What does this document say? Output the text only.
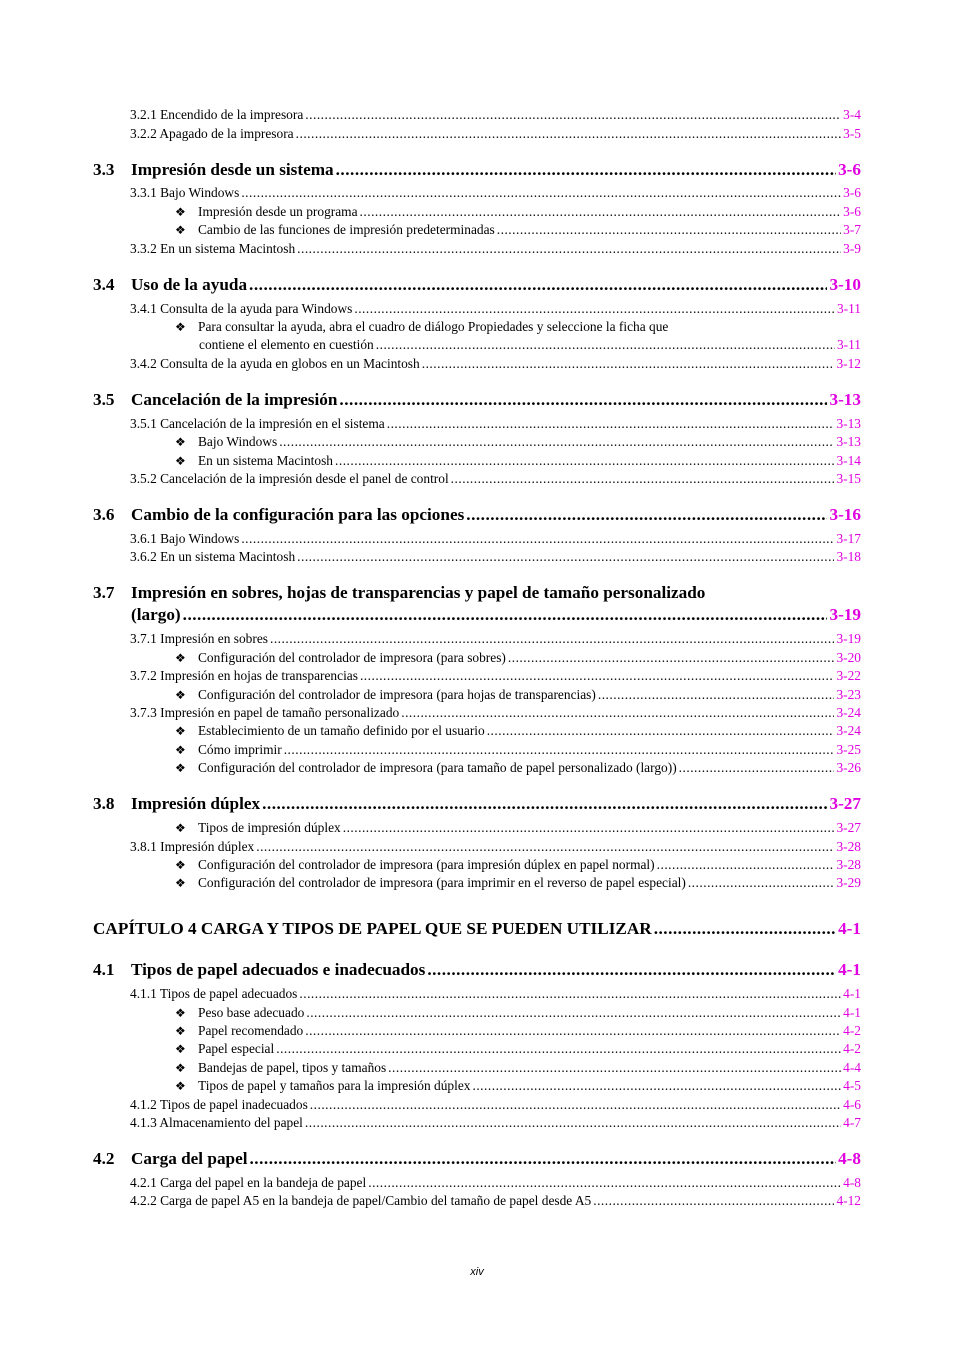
3.2.1 Encendido de la impresora .....	3-4
3.2.2 Apagado de la impresora .....	3-5
3.3 Impresión desde un sistema .....	3-6
3.3.1 Bajo Windows .....	3-6
❖ Impresión desde un programa .....	3-6
❖ Cambio de las funciones de impresión predeterminadas .....	3-7
3.3.2 En un sistema Macintosh .....	3-9
3.4 Uso de la ayuda .....	3-10
3.4.1 Consulta de la ayuda para Windows .....	3-11
❖ Para consultar la ayuda, abra el cuadro de diálogo Propiedades y seleccione la ficha que
contiene el elemento en cuestión .....	3-11
3.4.2 Consulta de la ayuda en globos en un Macintosh .....	3-12
3.5 Cancelación de la impresión .....	3-13
3.5.1 Cancelación de la impresión en el sistema .....	3-13
❖ Bajo Windows .....	3-13
❖ En un sistema Macintosh .....	3-14
3.5.2 Cancelación de la impresión desde el panel de control .....	3-15
3.6 Cambio de la configuración para las opciones .....	3-16
3.6.1 Bajo Windows .....	3-17
3.6.2 En un sistema Macintosh .....	3-18
3.7 Impresión en sobres, hojas de transparencias y papel de tamaño personalizado
(largo) .....	3-19
3.7.1 Impresión en sobres .....	3-19
❖ Configuración del controlador de impresora (para sobres) .....	3-20
3.7.2 Impresión en hojas de transparencias .....	3-22
❖ Configuración del controlador de impresora (para hojas de transparencias) .....	3-23
3.7.3 Impresión en papel de tamaño personalizado .....	3-24
❖ Establecimiento de un tamaño definido por el usuario .....	3-24
❖ Cómo imprimir .....	3-25
❖ Configuración del controlador de impresora (para tamaño de papel personalizado (largo)) .....	3-26
3.8 Impresión dúplex .....	3-27
❖ Tipos de impresión dúplex .....	3-27
3.8.1 Impresión dúplex .....	3-28
❖ Configuración del controlador de impresora (para impresión dúplex en papel normal) .....	3-28
❖ Configuración del controlador de impresora (para imprimir en el reverso de papel especial) .....	3-29
CAPÍTULO 4 CARGA Y TIPOS DE PAPEL QUE SE PUEDEN UTILIZAR .....	4-1
4.1 Tipos de papel adecuados e inadecuados .....	4-1
4.1.1 Tipos de papel adecuados .....	4-1
❖ Peso base adecuado .....	4-1
❖ Papel recomendado .....	4-2
❖ Papel especial .....	4-2
❖ Bandejas de papel, tipos y tamaños .....	4-4
❖ Tipos de papel y tamaños para la impresión dúplex .....	4-5
4.1.2 Tipos de papel inadecuados .....	4-6
4.1.3 Almacenamiento del papel .....	4-7
4.2 Carga del papel .....	4-8
4.2.1 Carga del papel en la bandeja de papel .....	4-8
4.2.2 Carga de papel A5 en la bandeja de papel/Cambio del tamaño de papel desde A5 .....	4-12
xiv
